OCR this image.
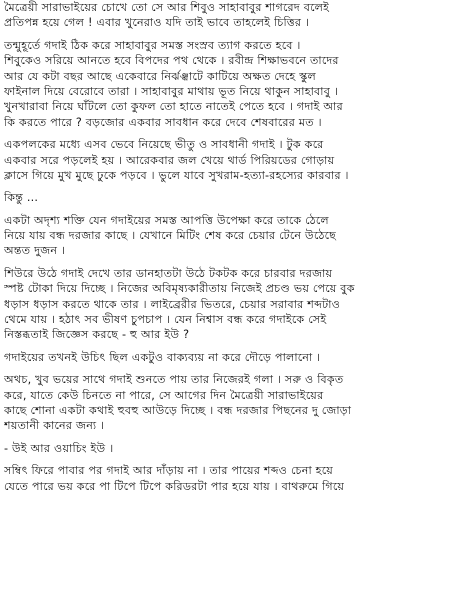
মৈত্রেয়ী সারাভাইয়ের চোখে তো সে আর শিবুও সাহাবাবুর শাগরেদ বলেই
প্রতিপন্ন হয়ে গেল ! এবার খুনেরাও যদি তাই ভাবে তাহলেই চিত্তির ।
তন্মুহূর্তে গদাই ঠিক করে সাহাবাবুর সমস্ত সংস্রব ত্যাগ করতে হবে ।
শিবুকেও সরিয়ে আনতে হবে বিপদের পথ থেকে । রবীন্দ্র শিক্ষাভবনে তাদের
আর যে কটা বছর আছে একেবারে নির্ঝঞ্ঝাটে কাটিয়ে অক্ষত দেহে স্কুল
ফাইনাল দিয়ে বেরোবে তারা । সাহাবাবুর মাথায় ভূত নিয়ে থাকুন সাহাবাবু ।
খুনখারাবা নিয়ে ঘাঁটলে তো কুফল তো হাতে নাতেই পেতে হবে । গদাই আর
কি করতে পারে ? বড়জোর একবার সাবধান করে দেবে শেষবারের মত ।
একপলকের মধ্যে এসব ভেবে নিয়েছে ভীতু ও সাবধানী গদাই । টুক করে
একবার সরে পড়লেই হয় । আরেকবার জল খেয়ে থার্ড পিরিয়ডের গোড়ায়
ক্লাসে গিয়ে মুখ মুছে ঢুকে পড়বে । ভুলে যাবে সুখরাম-হত্যা-রহস্যের কারবার ।
কিন্তু ...
একটা অদৃশ্য শক্তি যেন গদাইয়ের সমস্ত আপত্তি উপেক্ষা করে তাকে ঠেলে
নিয়ে যায় বন্ধ দরজার কাছে । যেখানে মিটিং শেষ করে চেয়ার টেনে উঠেছে
অন্তত দুজন ।
শিউরে উঠে গদাই দেখে তার ডানহাতটা উঠে টকটক করে চারবার দরজায়
স্পষ্ট টোকা দিয়ে দিচ্ছে । নিজের অবিমৃষ্যকারীতায় নিজেই প্রচণ্ড ভয় পেয়ে বুক
ধড়াস ধড়াস করতে থাকে তার । লাইব্রেরীর ভিতরে, চেয়ার সরাবার শব্দটাও
থেমে যায় । হঠাৎ সব ভীষণ চুপচাপ । যেন নিশ্বাস বন্ধ করে গদাইকে সেই
নিস্তব্ধতাই জিজ্ঞেস করছে - হু আর ইউ ?
গদাইয়ের তখনই উচিৎ ছিল একটুও বাক্যব্যয় না করে দৌড়ে পালানো ।
অথচ, খুব ভয়ের সাথে গদাই শুনতে পায় তার নিজেরই গলা । সরু ও বিকৃত
করে, যাতে কেউ চিনতে না পারে, সে আগের দিন মৈত্রেয়ী সারাভাইয়ের
কাছে শোনা একটা কথাই হুবহু আউড়ে দিচ্ছে । বন্ধ দরজার পিছনের দু জোড়া
শয়তানী কানের জন্য ।
- উই আর ওয়াচিং ইউ ।
সম্বিৎ ফিরে পাবার পর গদাই আর দাঁড়ায় না । তার পায়ের শব্দও চেনা হয়ে
যেতে পারে ভয় করে পা টিপে টিপে করিডরটা পার হয়ে যায় । বাথরুমে গিয়ে
